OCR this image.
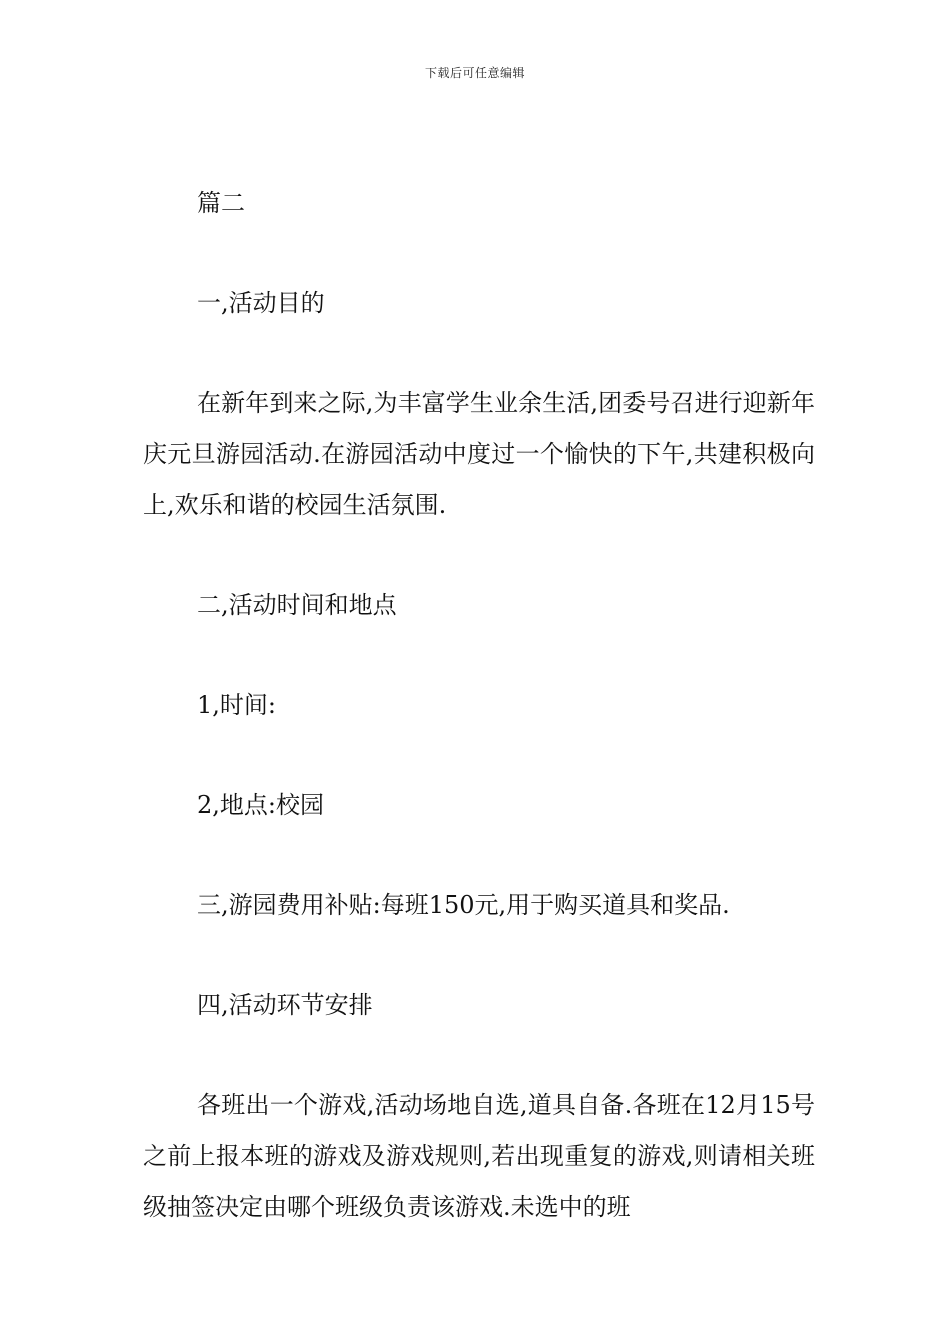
下载后可任意编辑

篇二

一,活动目的

在新年到来之际,为丰富学生业余生活,团委号召进行迎新年庆元旦游园活动.在游园活动中度过一个愉快的下午,共建积极向上,欢乐和谐的校园生活氛围.

二,活动时间和地点

1,时间:

2,地点:校园

三,游园费用补贴:每班150元,用于购买道具和奖品.

四,活动环节安排

各班出一个游戏,活动场地自选,道具自备.各班在12月15号之前上报本班的游戏及游戏规则,若出现重复的游戏,则请相关班级抽签决定由哪个班级负责该游戏.未选中的班
